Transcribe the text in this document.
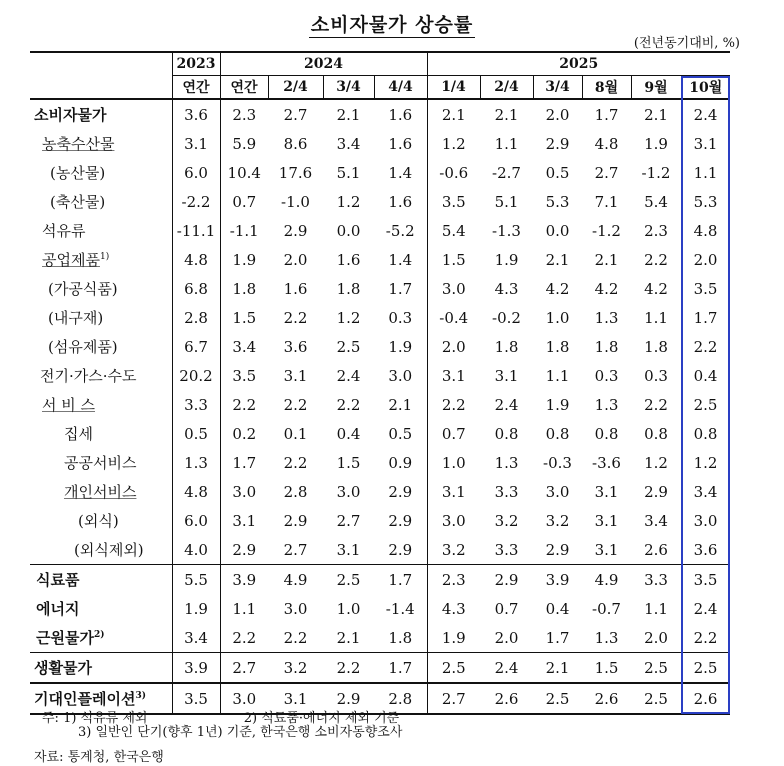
소비자물가 상승률
(전년동기대비, %)
	2023	2024				2025					
	연간	연간	2/4	3/4	4/4	1/4	2/4	3/4	8월	9월	10월
소비자물가	3.6	2.3	2.7	2.1	1.6	2.1	2.1	2.0	1.7	2.1	2.4
농축수산물	3.1	5.9	8.6	3.4	1.6	1.2	1.1	2.9	4.8	1.9	3.1
(농산물)	6.0	10.4	17.6	5.1	1.4	-0.6	-2.7	0.5	2.7	-1.2	1.1
(축산물)	-2.2	0.7	-1.0	1.2	1.6	3.5	5.1	5.3	7.1	5.4	5.3
석유류	-11.1	-1.1	2.9	0.0	-5.2	5.4	-1.3	0.0	-1.2	2.3	4.8
공업제품$^{1)}$	4.8	1.9	2.0	1.6	1.4	1.5	1.9	2.1	2.1	2.2	2.0
(가공식품)	6.8	1.8	1.6	1.8	1.7	3.0	4.3	4.2	4.2	4.2	3.5
(내구재)	2.8	1.5	2.2	1.2	0.3	-0.4	-0.2	1.0	1.3	1.1	1.7
(섬유제품)	6.7	3.4	3.6	2.5	1.9	2.0	1.8	1.8	1.8	1.8	2.2
전기·가스·수도	20.2	3.5	3.1	2.4	3.0	3.1	3.1	1.1	0.3	0.3	0.4
서 비 스	3.3	2.2	2.2	2.2	2.1	2.2	2.4	1.9	1.3	2.2	2.5
집세	0.5	0.2	0.1	0.4	0.5	0.7	0.8	0.8	0.8	0.8	0.8
공공서비스	1.3	1.7	2.2	1.5	0.9	1.0	1.3	-0.3	-3.6	1.2	1.2
개인서비스	4.8	3.0	2.8	3.0	2.9	3.1	3.3	3.0	3.1	2.9	3.4
(외식)	6.0	3.1	2.9	2.7	2.9	3.0	3.2	3.2	3.1	3.4	3.0
(외식제외)	4.0	2.9	2.7	3.1	2.9	3.2	3.3	2.9	3.1	2.6	3.6
식료품	5.5	3.9	4.9	2.5	1.7	2.3	2.9	3.9	4.9	3.3	3.5
에너지	1.9	1.1	3.0	1.0	-1.4	4.3	0.7	0.4	-0.7	1.1	2.4
근원물가$^{2)}$	3.4	2.2	2.2	2.1	1.8	1.9	2.0	1.7	1.3	2.0	2.2
생활물가	3.9	2.7	3.2	2.2	1.7	2.5	2.4	2.1	1.5	2.5	2.5
기대인플레이션$^{3)}$	3.5	3.0	3.1	2.9	2.8	2.7	2.6	2.5	2.6	2.5	2.6
주: 1) 석유류 제외	2) 식료품·에너지 제외 기준
3) 일반인 단기(향후 1년) 기준, 한국은행 소비자동향조사
자료: 통계청, 한국은행
